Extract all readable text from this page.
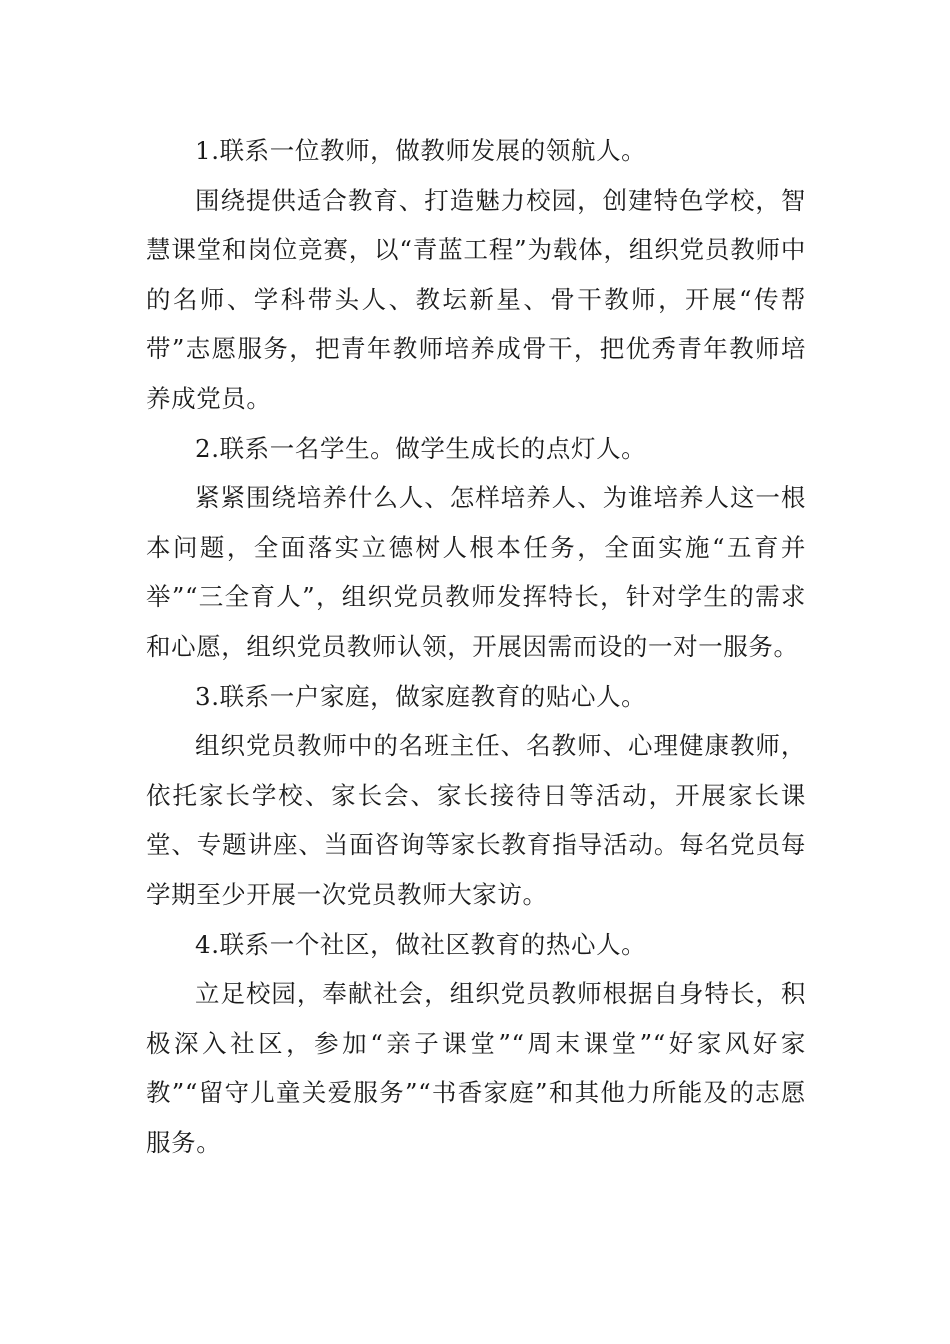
1.联系一位教师，做教师发展的领航人。

围绕提供适合教育、打造魅力校园，创建特色学校，智慧课堂和岗位竞赛，以“青蓝工程”为载体，组织党员教师中的名师、学科带头人、教坛新星、骨干教师，开展“传帮带”志愿服务，把青年教师培养成骨干，把优秀青年教师培养成党员。

2.联系一名学生。做学生成长的点灯人。

紧紧围绕培养什么人、怎样培养人、为谁培养人这一根本问题，全面落实立德树人根本任务，全面实施“五育并举”“三全育人”，组织党员教师发挥特长，针对学生的需求和心愿，组织党员教师认领，开展因需而设的一对一服务。

3.联系一户家庭，做家庭教育的贴心人。

组织党员教师中的名班主任、名教师、心理健康教师，依托家长学校、家长会、家长接待日等活动，开展家长课堂、专题讲座、当面咨询等家长教育指导活动。每名党员每学期至少开展一次党员教师大家访。

4.联系一个社区，做社区教育的热心人。

立足校园，奉献社会，组织党员教师根据自身特长，积极深入社区，参加“亲子课堂”“周末课堂”“好家风好家教”“留守儿童关爱服务”“书香家庭”和其他力所能及的志愿服务。
